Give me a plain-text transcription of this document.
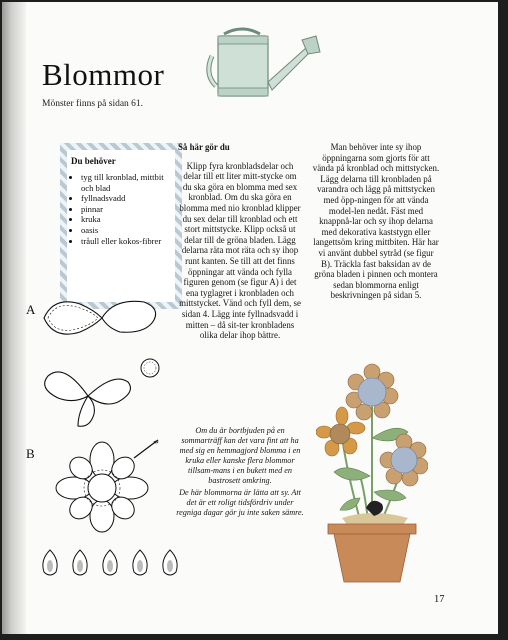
Blommor
Mönster finns på sidan 61.
Du behöver
• tyg till kronblad, mittbit och blad
• fyllnadsvadd
• pinnar
• kruka
• oasis
• tråull eller kokos-fibrer
Så här gör du

Klipp fyra kronbladsdelar och delar till ett liter mitt-stycke om du ska göra en blomma med sex kronblad. Om du ska göra en blomma med nio kronblad klipper du sex delar till kronblad och ett stort mittstycke. Klipp också ut delar till de gröna bladen. Lägg delarna räta mot räta och sy ihop runt kanten. Se till att det finns öppningar att vända och fylla figuren genom (se figur A) i det ena tyglagret i kronbladen och mittstycket. Vänd och fyll dem, se sidan 4. Lägg inte fyllnadsvadd i mitten – då sit-ter kronbladens olika delar ihop bättre.

Man behöver inte sy ihop öppningarna som gjorts för att vända på kronblad och mittstycken. Lägg delarna till kronbladen på varandra och lägg på mittstycken med öpp-ningen för att vända model-len nedåt. Fäst med knappnå-lar och sy ihop delarna med dekorativa kaststygn eller langettsöm kring mittbiten. Här har vi använt dubbel sytråd (se figur B). Träckla fast baksidan av de gröna bladen i pinnen och montera sedan blommorna enligt beskrivningen på sidan 5.

Om du är bortbjuden på en sommarträff kan det vara fint att ha med sig en hemmagjord blomma i en kruka eller kanske flera blommor tillsam-mans i en bukett med en bastrosett omkring.

De här blommorna är lätta att sy. Att det är ett roligt tidsfördriv under regniga dagar gör ju inte saken sämre.

A
B
17
